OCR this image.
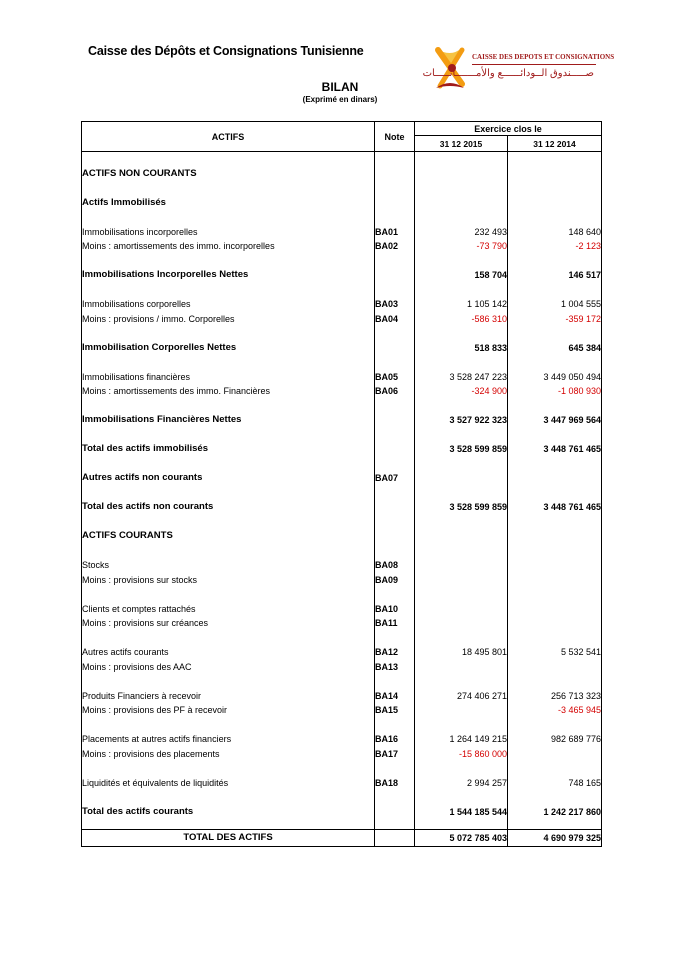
Caisse des Dépôts et Consignations Tunisienne	CAISSE DES DEPOTS ET CONSIGNATIONS
صـــــندوق الــودائــــــع والأمـــــــانـــــات
BILAN
(Exprimé en dinars)
ACTIFS	Note	Exercice clos le	
		31 12 2015	31 12 2014

ACTIFS NON COURANTS			

Actifs Immobilisés			

Immobilisations incorporelles	BA01	232 493	148 640
Moins : amortissements des immo. incorporelles	BA02	-73 790	-2 123

Immobilisations Incorporelles Nettes		158 704	146 517

Immobilisations corporelles	BA03	1 105 142	1 004 555
Moins : provisions / immo. Corporelles	BA04	-586 310	-359 172

Immobilisation Corporelles Nettes		518 833	645 384

Immobilisations financières	BA05	3 528 247 223	3 449 050 494
Moins : amortissements des immo. Financières	BA06	-324 900	-1 080 930

Immobilisations Financières Nettes		3 527 922 323	3 447 969 564

Total des actifs immobilisés		3 528 599 859	3 448 761 465

Autres actifs non courants	BA07		

Total des actifs non courants		3 528 599 859	3 448 761 465

ACTIFS COURANTS			

Stocks	BA08		
Moins : provisions sur stocks	BA09		

Clients et comptes rattachés	BA10		
Moins : provisions sur créances	BA11		

Autres actifs courants	BA12	18 495 801	5 532 541
Moins : provisions des AAC	BA13		

Produits Financiers à recevoir	BA14	274 406 271	256 713 323
Moins : provisions des PF à recevoir	BA15		-3 465 945

Placements at autres actifs financiers	BA16	1 264 149 215	982 689 776
Moins : provisions des placements	BA17	-15 860 000	

Liquidités et équivalents de liquidités	BA18	2 994 257	748 165

Total des actifs courants		1 544 185 544	1 242 217 860

TOTAL DES ACTIFS		5 072 785 403	4 690 979 325
